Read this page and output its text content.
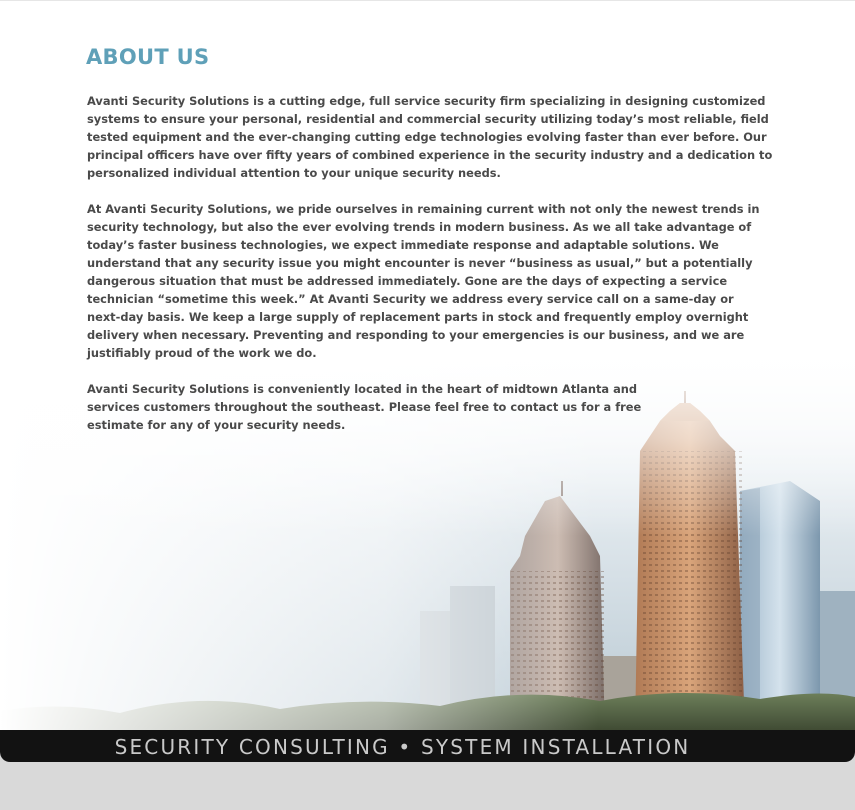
ABOUT US

Avanti Security Solutions is a cutting edge, full service security firm specializing in designing customized systems to ensure your personal, residential and commercial security utilizing today’s most reliable, field tested equipment and the ever-changing cutting edge technologies evolving faster than ever before. Our principal officers have over fifty years of combined experience in the security industry and a dedication to personalized individual attention to your unique security needs.

At Avanti Security Solutions, we pride ourselves in remaining current with not only the newest trends in security technology, but also the ever evolving trends in modern business. As we all take advantage of today’s faster business technologies, we expect immediate response and adaptable solutions. We understand that any security issue you might encounter is never “business as usual,” but a potentially dangerous situation that must be addressed immediately. Gone are the days of expecting a service technician “sometime this week.” At Avanti Security we address every service call on a same-day or next-day basis. We keep a large supply of replacement parts in stock and frequently employ overnight delivery when necessary. Preventing and responding to your emergencies is our business, and we are justifiably proud of the work we do.

Avanti Security Solutions is conveniently located in the heart of midtown Atlanta and services customers throughout the southeast. Please feel free to contact us for a free estimate for any of your security needs.

SECURITY CONSULTING • SYSTEM INSTALLATION
